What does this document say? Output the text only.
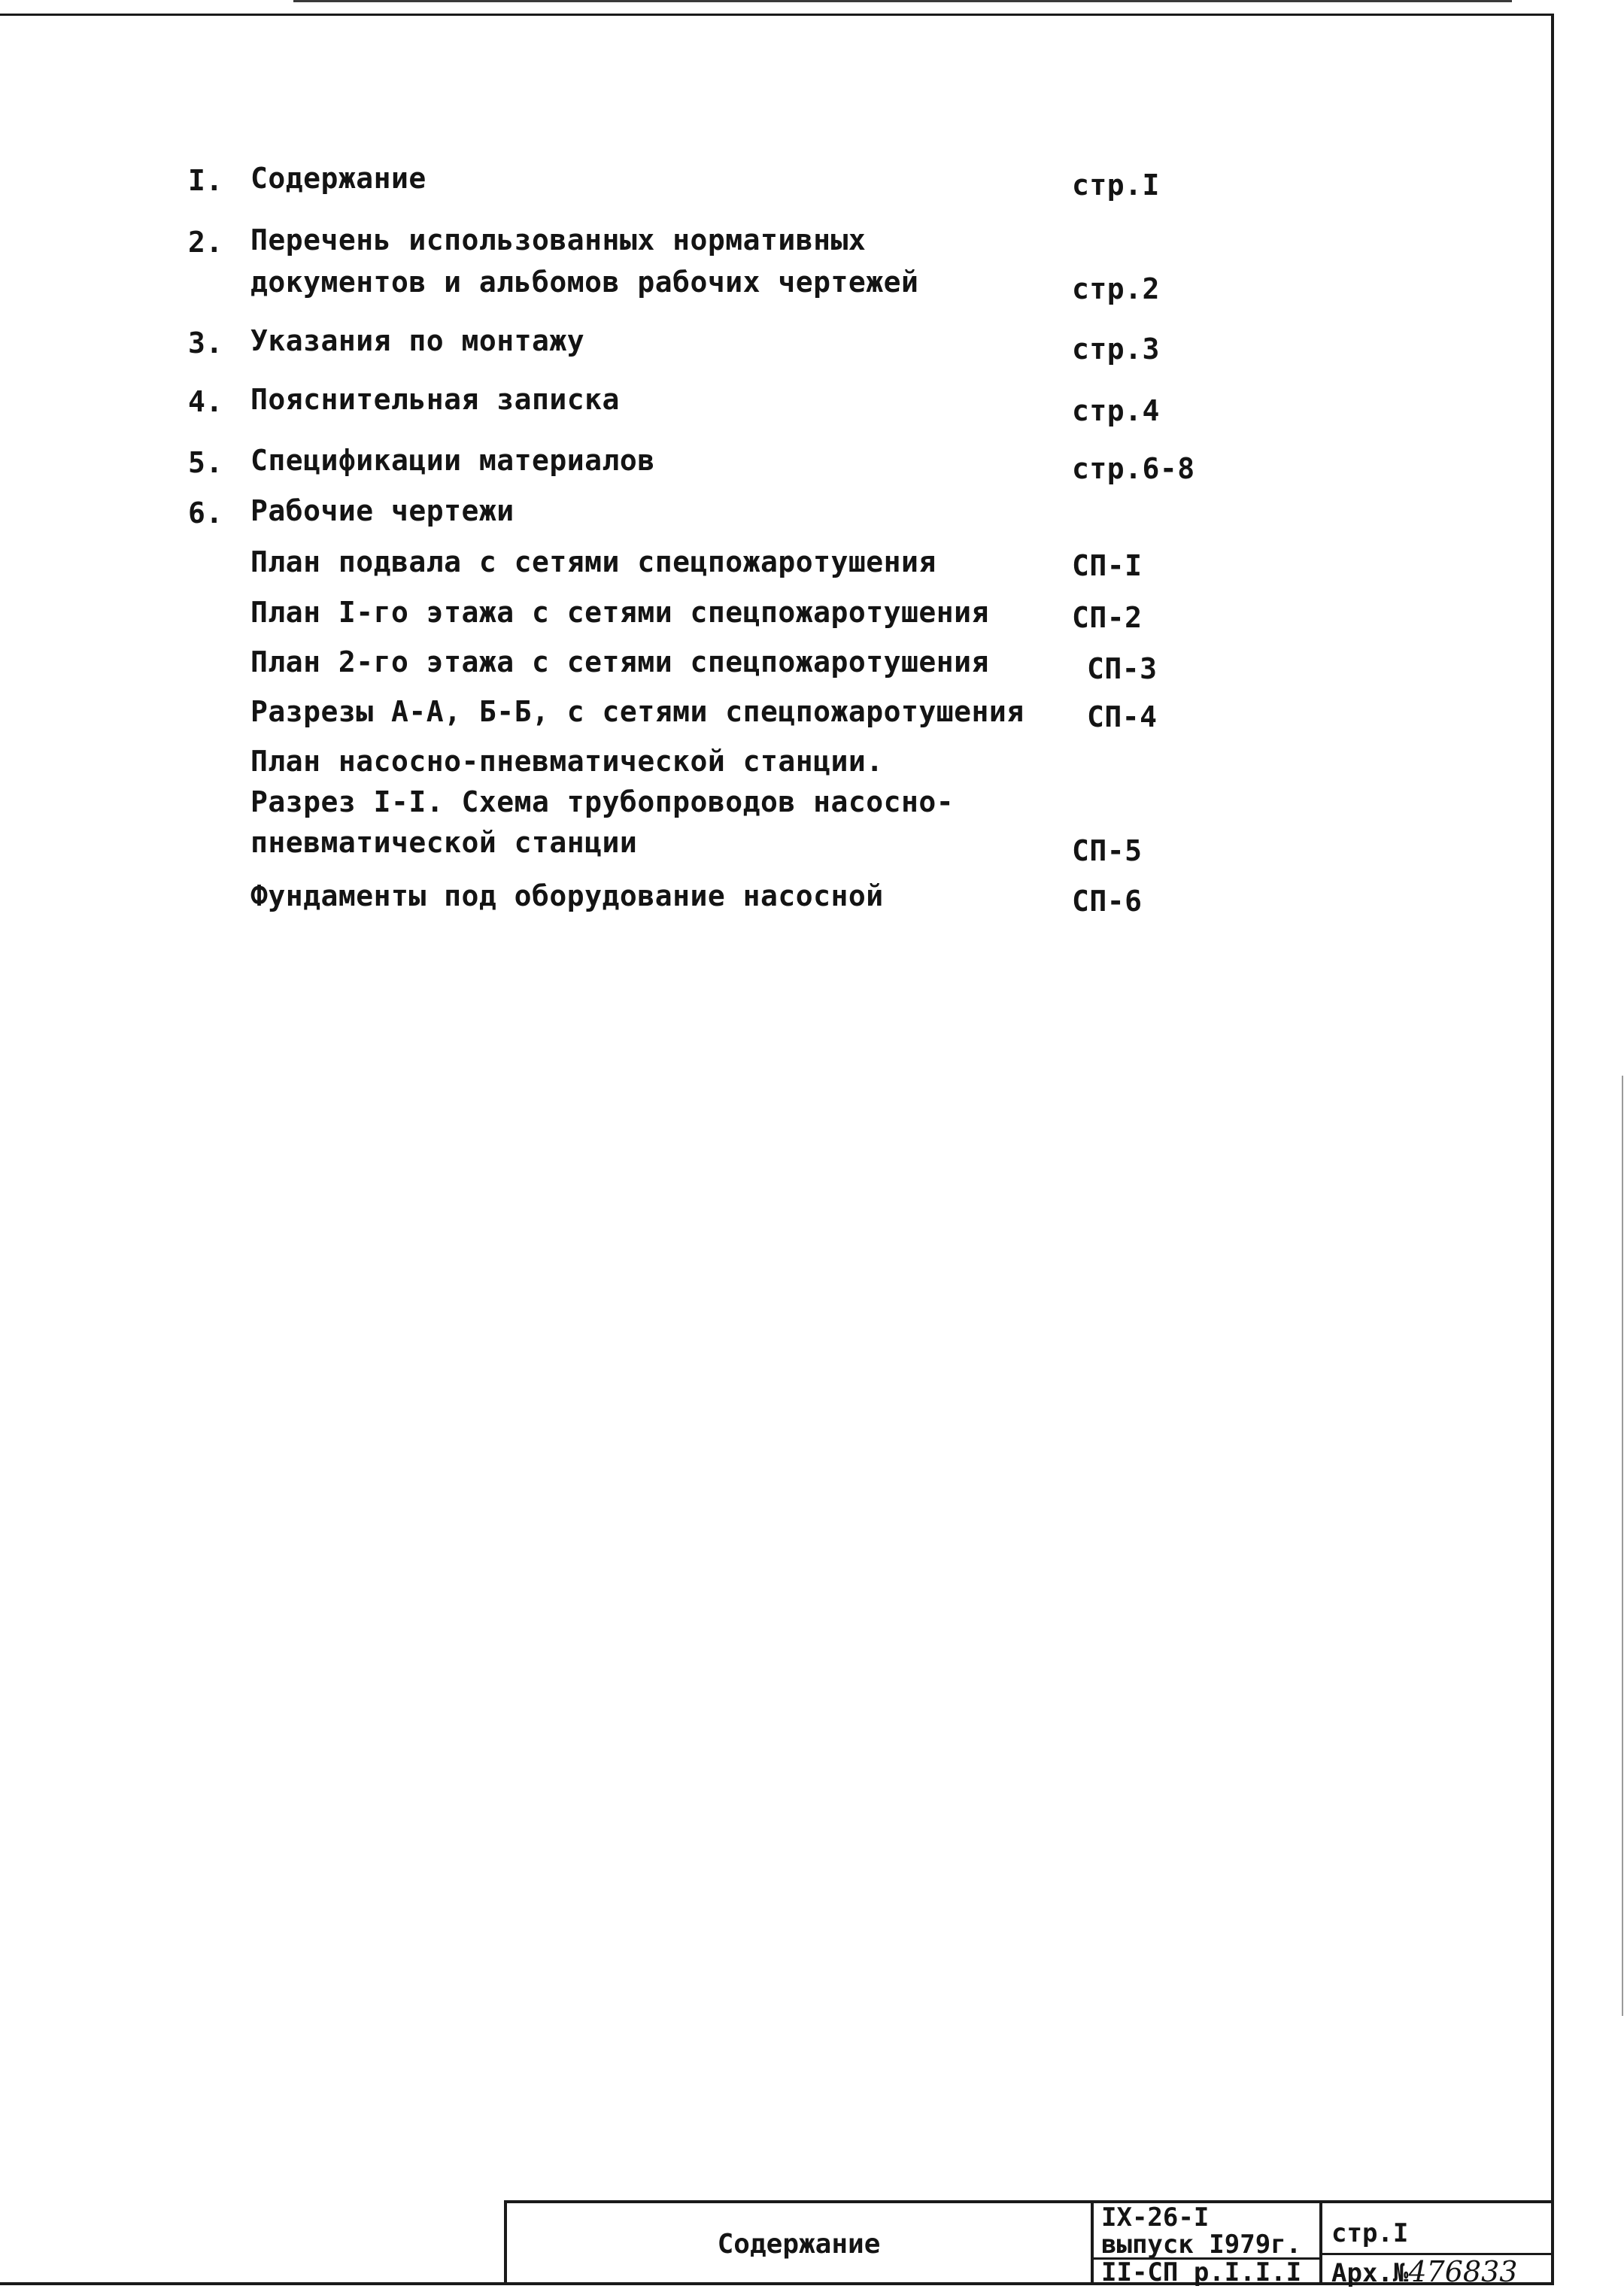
I. Содержание	стр.I
2. Перечень использованных нормативных
документов и альбомов рабочих чертежей	стр.2
3. Указания по монтажу	стр.3
4. Пояснительная записка	стр.4
5. Спецификации материалов	стр.6-8
6. Рабочие чертежи
План подвала с сетями спецпожаротушения	СП-I
План I-го этажа с сетями спецпожаротушения	СП-2
План 2-го этажа с сетями спецпожаротушения	СП-3
Разрезы А-А, Б-Б, с сетями спецпожаротушения СП-4
План насосно-пневматической станции.
Разрез I-I. Схема трубопроводов насосно-
пневматической станции	СП-5
Фундаменты под оборудование насосной	СП-6
Содержание
IX-26-I
выпуск I979г.
II-СП р.I.I.I
стр.I
Арх.№476833
